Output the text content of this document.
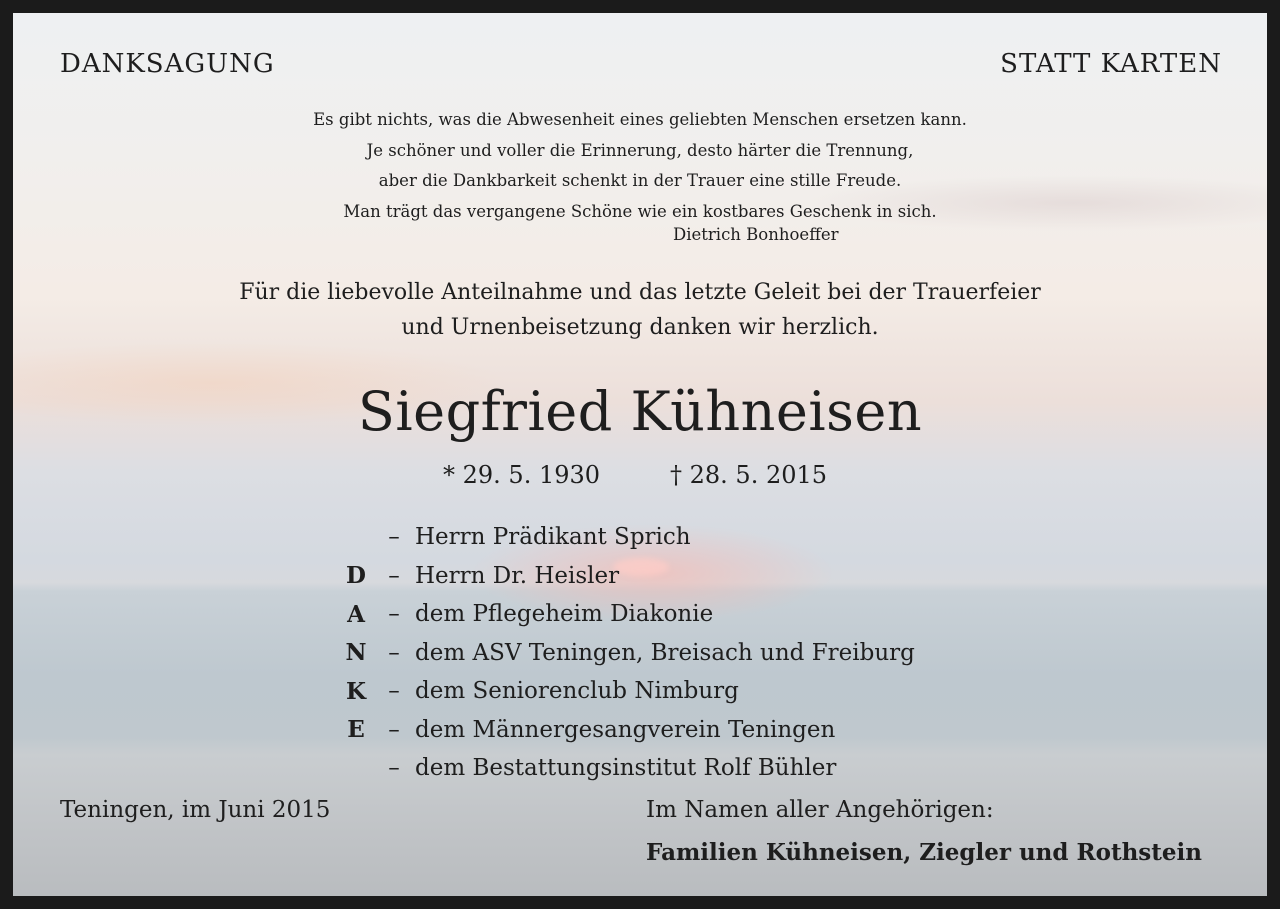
DANKSAGUNG	STATT KARTEN
Es gibt nichts, was die Abwesenheit eines geliebten Menschen ersetzen kann.
Je schöner und voller die Erinnerung, desto härter die Trennung,
aber die Dankbarkeit schenkt in der Trauer eine stille Freude.
Man trägt das vergangene Schöne wie ein kostbares Geschenk in sich.
Dietrich Bonhoeffer
Für die liebevolle Anteilnahme und das letzte Geleit bei der Trauerfeier
und Urnenbeisetzung danken wir herzlich.
Siegfried Kühneisen
* 29. 5. 1930	† 28. 5. 2015
– Herrn Prädikant Sprich
D – Herrn Dr. Heisler
A	– dem Pflegeheim Diakonie
N – dem ASV Teningen, Breisach und Freiburg
K – dem Seniorenclub Nimburg
E	– dem Männergesangverein Teningen
– dem Bestattungsinstitut Rolf Bühler
Teningen, im Juni 2015	Im Namen aller Angehörigen:
Familien Kühneisen, Ziegler und Rothstein
